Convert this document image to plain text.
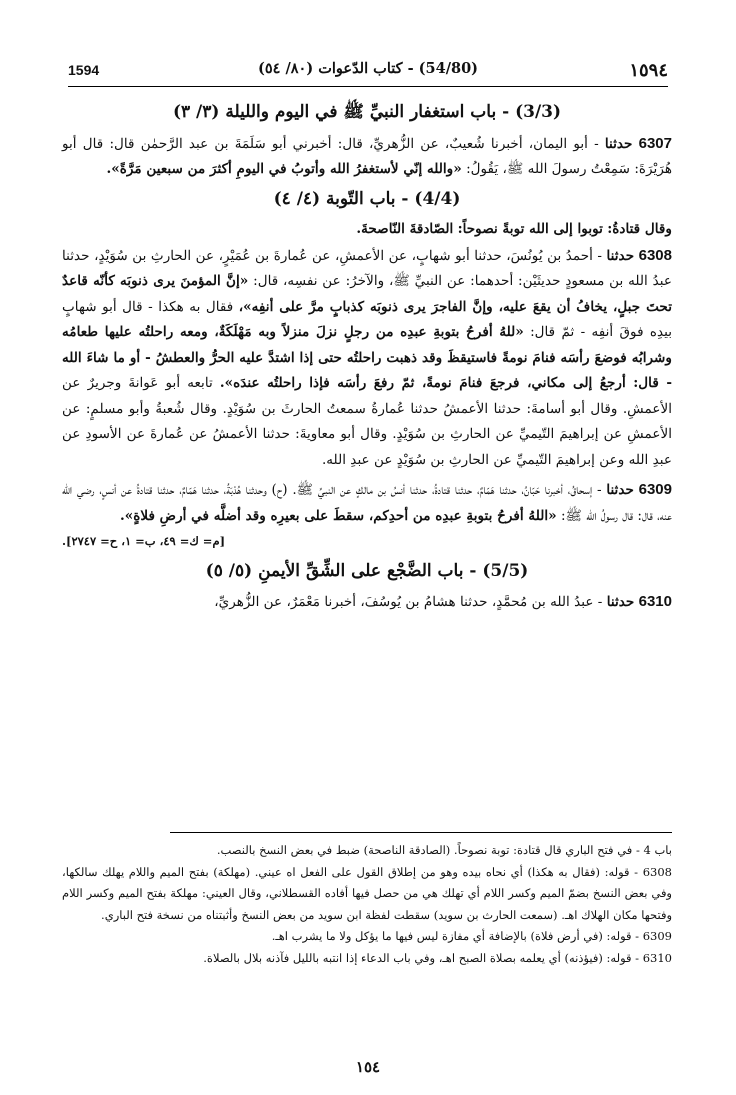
١٥٩٤
(54/80) - كتاب الدّعوات (٨٠/ ٥٤)
1594
(3/3) - باب استغفار النبيِّ ﷺ في اليوم والليلة (٣/ ٣)

6307 حدثنا - أبو اليمان، أخبرنا شُعيبٌ، عن الزُّهريِّ، قال: أخبرني أبو سَلَمَةَ بن عبد الرَّحمٰن قال: قال أبو هُرَيْرَةَ: سَمِعْتُ رسولَ الله ﷺ، يَقُولُ: «والله إنّي لأستغفرُ الله وأتوبُ في اليومِ أكثرَ من سبعين مَرَّةً».

(4/4) - باب التّوبة (٤/ ٤)

وقال قتادةُ: توبوا إلى الله توبةً نصوحاً: الصّادقةَ النّاصحةَ.

6308 حدثنا - أحمدُ بن يُونُسَ، حدثنا أبو شهابٍ، عن الأعمشِ، عن عُمارةَ بن عُمَيْرٍ، عن الحارثِ بن سُوَيْدٍ، حدثنا عبدُ الله بن مسعودٍ حديثَيْن: أحدهما: عن النبيِّ ﷺ، والآخرُ: عن نفسِه، قال: «إنَّ المؤمنَ يرى ذنوبَه كأنّه قاعدٌ تحتَ جبلٍ، يخافُ أن يقعَ عليه، وإنَّ الفاجرَ يرى ذنوبَه كذبابٍ مرَّ على أنفِه»، فقال به هكذا - قال أبو شهابٍ بيدِه فوقَ أنفِه - ثمّ قال: «للهُ أفرحُ بتوبةِ عبدِه من رجلٍ نزلَ منزلاً وبه مَهْلَكَةٌ، ومعه راحلتُه عليها طعامُه وشرابُه فوضعَ رأسَه فنامَ نومةً فاستيقظَ وقد ذهبت راحلتُه حتى إذا اشتدَّ عليه الحرُّ والعطشُ - أو ما شاءَ الله - قال: أرجعُ إلى مكاني، فرجعَ فنامَ نومةً، ثمّ رفعَ رأسَه فإذا راحلتُه عندَه». تابعه أبو عَوانةَ وجريرٌ عن الأعمشِ. وقال أبو أسامةَ: حدثنا الأعمشُ حدثنا عُمارةُ سمعتُ الحارثَ بن سُوَيْدٍ. وقال شُعبةُ وأبو مسلمٍ: عن الأعمشِ عن إبراهيمَ التّيميِّ عن الحارثِ بن سُوَيْدٍ. وقال أبو معاويةَ: حدثنا الأعمشُ عن عُمارةَ عن الأسودِ عن عبدِ الله وعن إبراهيمَ التّيميِّ عن الحارثِ بن سُوَيْدٍ عن عبدِ الله.

6309 حدثنا - إسحاقُ، أخبرنا حَبّانُ، حدثنا هَمّامٌ، حدثنا قتادةُ، حدثنا أنسُ بن مالكٍ عن النبيِّ ﷺ. (ح) وحدثنا هُدْبَةُ، حدثنا هَمّامٌ، حدثنا قتادةُ عن أنسٍ، رضي الله عنه، قال: قال رسولُ الله ﷺ: «اللهُ أفرحُ بتوبةِ عبدِه من أحدِكم، سقطَ على بعيرِه وقد أضلَّه في أرضِ فلاةٍ».

[م= ك= ٤٩، ب= ١، ح= ٢٧٤٧].

(5/5) - باب الضَّجْع على الشِّقِّ الأيمنِ (٥/ ٥)

6310 حدثنا - عبدُ الله بن مُحمَّدٍ، حدثنا هشامُ بن يُوسُفَ، أخبرنا مَعْمَرٌ، عن الزُّهريِّ،

باب 4 - في فتح الباري قال قتادة: توبة نصوحاً. (الصادقة الناصحة) ضبط في بعض النسخ بالنصب.

6308 - قوله: (فقال به هكذا) أي نحاه بيده وهو من إطلاق القول على الفعل اه عيني. (مهلكة) بفتح الميم واللام يهلك سالكها، وفي بعض النسخ بضمّ الميم وكسر اللام أي تهلك هي من حصل فيها أفاده القسطلاني، وقال العيني: مهلكة بفتح الميم وكسر اللام وفتحها مكان الهلاك اهـ. (سمعت الحارث بن سويد) سقطت لفظة ابن سويد من بعض النسخ وأثبتناه من نسخة فتح الباري.

6309 - قوله: (في أرض فلاة) بالإضافة أي مفازة ليس فيها ما يؤكل ولا ما يشرب اهـ.

6310 - قوله: (فيؤذنه) أي يعلمه بصلاة الصبح اهـ، وفي باب الدعاء إذا انتبه بالليل فآذنه بلال بالصلاة.

١٥٤
